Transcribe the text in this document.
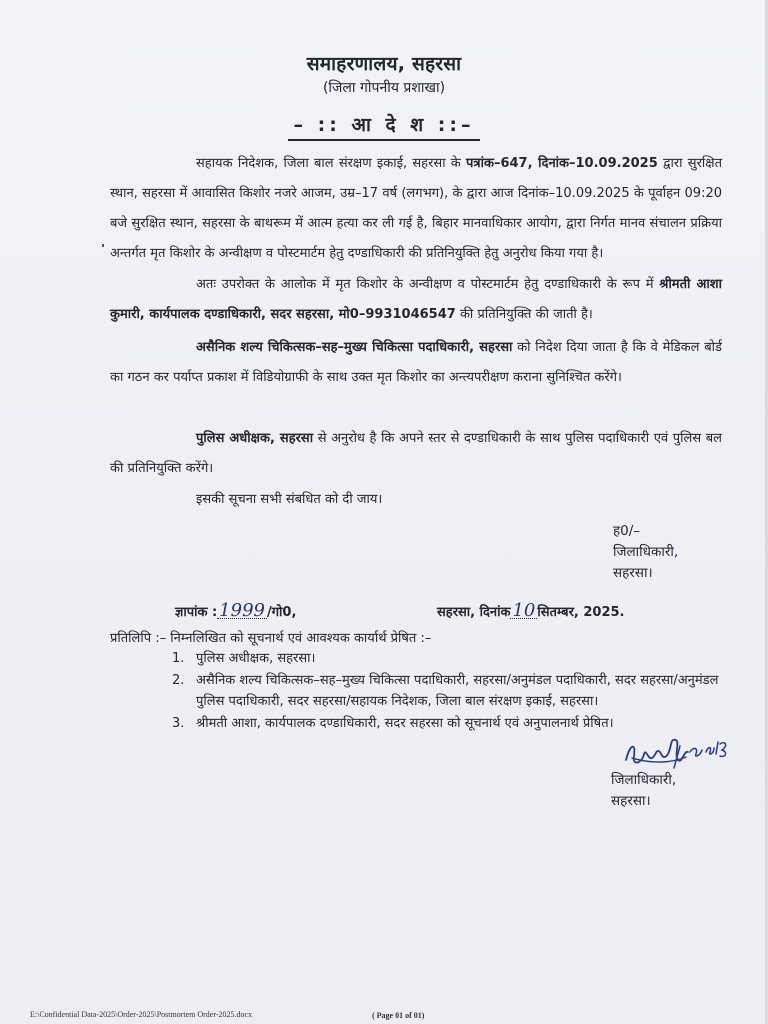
समाहरणालय, सहरसा
(जिला गोपनीय प्रशाखा)
– :: आ दे श ::–
सहायक निदेशक, जिला बाल संरक्षण इकाई, सहरसा के पत्रांक–647, दिनांक–10.09.2025 द्वारा सुरक्षित स्थान, सहरसा में आवासित किशोर नजरे आजम, उम्र–17 वर्ष (लगभग), के द्वारा आज दिनांक–10.09.2025 के पूर्वाहन 09:20 बजे सुरक्षित स्थान, सहरसा के बाथरूम में आत्म हत्या कर ली गई है, बिहार मानवाधिकार आयोग, द्वारा निर्गत मानव संचालन प्रक्रिया अन्तर्गत मृत किशोर के अन्वीक्षण व पोस्टमार्टम हेतु दण्डाधिकारी की प्रतिनियुक्ति हेतु अनुरोध किया गया है।
अतः उपरोक्त के आलोक में मृत किशोर के अन्वीक्षण व पोस्टमार्टम हेतु दण्डाधिकारी के रूप में श्रीमती आशा कुमारी, कार्यपालक दण्डाधिकारी, सदर सहरसा, मो0–9931046547 की प्रतिनियुक्ति की जाती है।
असैनिक शल्य चिकित्सक–सह–मुख्य चिकित्सा पदाधिकारी, सहरसा को निदेश दिया जाता है कि वे मेडिकल बोर्ड का गठन कर पर्याप्त प्रकाश में विडियोग्राफी के साथ उक्त मृत किशोर का अन्त्यपरीक्षण कराना सुनिश्चित करेंगे।
पुलिस अधीक्षक, सहरसा से अनुरोध है कि अपने स्तर से दण्डाधिकारी के साथ पुलिस पदाधिकारी एवं पुलिस बल की प्रतिनियुक्ति करेंगे।
इसकी सूचना सभी संबधित को दी जाय।
ह0/–
जिलाधिकारी,
सहरसा।
ज्ञापांक : 1999 /गो0,	सहरसा, दिनांक 10 सितम्बर, 2025.
प्रतिलिपि :– निम्नलिखित को सूचनार्थ एवं आवश्यक कार्यार्थ प्रेषित :–
1. पुलिस अधीक्षक, सहरसा।
2. असैनिक शल्य चिकित्सक–सह–मुख्य चिकित्सा पदाधिकारी, सहरसा/अनुमंडल पदाधिकारी, सदर सहरसा/अनुमंडल पुलिस पदाधिकारी, सदर सहरसा/सहायक निदेशक, जिला बाल संरक्षण इकाई, सहरसा।
3. श्रीमती आशा, कार्यपालक दण्डाधिकारी, सदर सहरसा को सूचनार्थ एवं अनुपालनार्थ प्रेषित।
जिलाधिकारी,
सहरसा।
E:\Confidential Data-2025\Order-2025\Postmortem Order-2025.docx	( Page 01 of 01)
